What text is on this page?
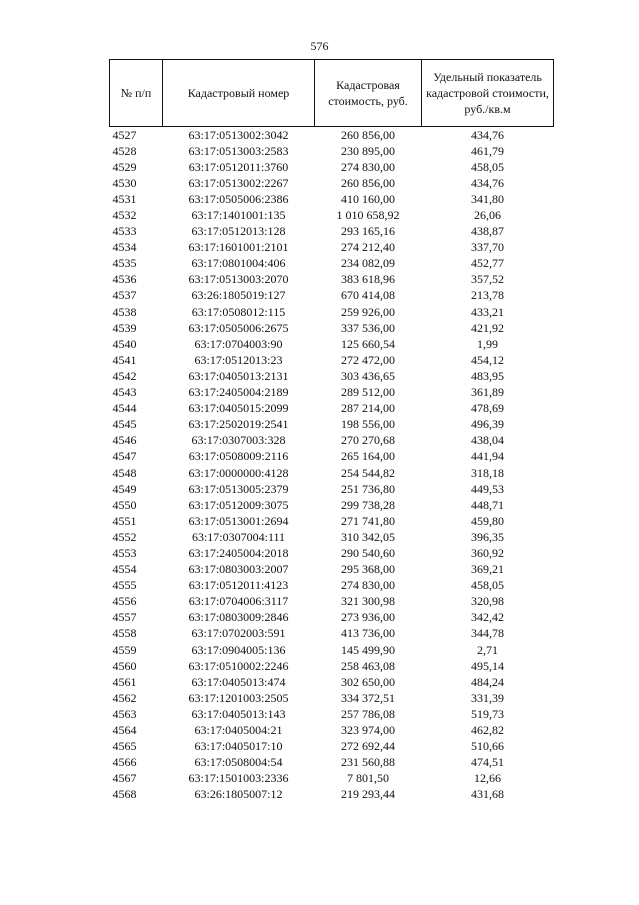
576
№ п/п	Кадастровый номер	Кадастровая стоимость, руб.	Удельный показатель кадастровой стоимости, руб./кв.м
4527	63:17:0513002:3042	260 856,00	434,76
4528	63:17:0513003:2583	230 895,00	461,79
4529	63:17:0512011:3760	274 830,00	458,05
4530	63:17:0513002:2267	260 856,00	434,76
4531	63:17:0505006:2386	410 160,00	341,80
4532	63:17:1401001:135	1 010 658,92	26,06
4533	63:17:0512013:128	293 165,16	438,87
4534	63:17:1601001:2101	274 212,40	337,70
4535	63:17:0801004:406	234 082,09	452,77
4536	63:17:0513003:2070	383 618,96	357,52
4537	63:26:1805019:127	670 414,08	213,78
4538	63:17:0508012:115	259 926,00	433,21
4539	63:17:0505006:2675	337 536,00	421,92
4540	63:17:0704003:90	125 660,54	1,99
4541	63:17:0512013:23	272 472,00	454,12
4542	63:17:0405013:2131	303 436,65	483,95
4543	63:17:2405004:2189	289 512,00	361,89
4544	63:17:0405015:2099	287 214,00	478,69
4545	63:17:2502019:2541	198 556,00	496,39
4546	63:17:0307003:328	270 270,68	438,04
4547	63:17:0508009:2116	265 164,00	441,94
4548	63:17:0000000:4128	254 544,82	318,18
4549	63:17:0513005:2379	251 736,80	449,53
4550	63:17:0512009:3075	299 738,28	448,71
4551	63:17:0513001:2694	271 741,80	459,80
4552	63:17:0307004:111	310 342,05	396,35
4553	63:17:2405004:2018	290 540,60	360,92
4554	63:17:0803003:2007	295 368,00	369,21
4555	63:17:0512011:4123	274 830,00	458,05
4556	63:17:0704006:3117	321 300,98	320,98
4557	63:17:0803009:2846	273 936,00	342,42
4558	63:17:0702003:591	413 736,00	344,78
4559	63:17:0904005:136	145 499,90	2,71
4560	63:17:0510002:2246	258 463,08	495,14
4561	63:17:0405013:474	302 650,00	484,24
4562	63:17:1201003:2505	334 372,51	331,39
4563	63:17:0405013:143	257 786,08	519,73
4564	63:17:0405004:21	323 974,00	462,82
4565	63:17:0405017:10	272 692,44	510,66
4566	63:17:0508004:54	231 560,88	474,51
4567	63:17:1501003:2336	7 801,50	12,66
4568	63:26:1805007:12	219 293,44	431,68
